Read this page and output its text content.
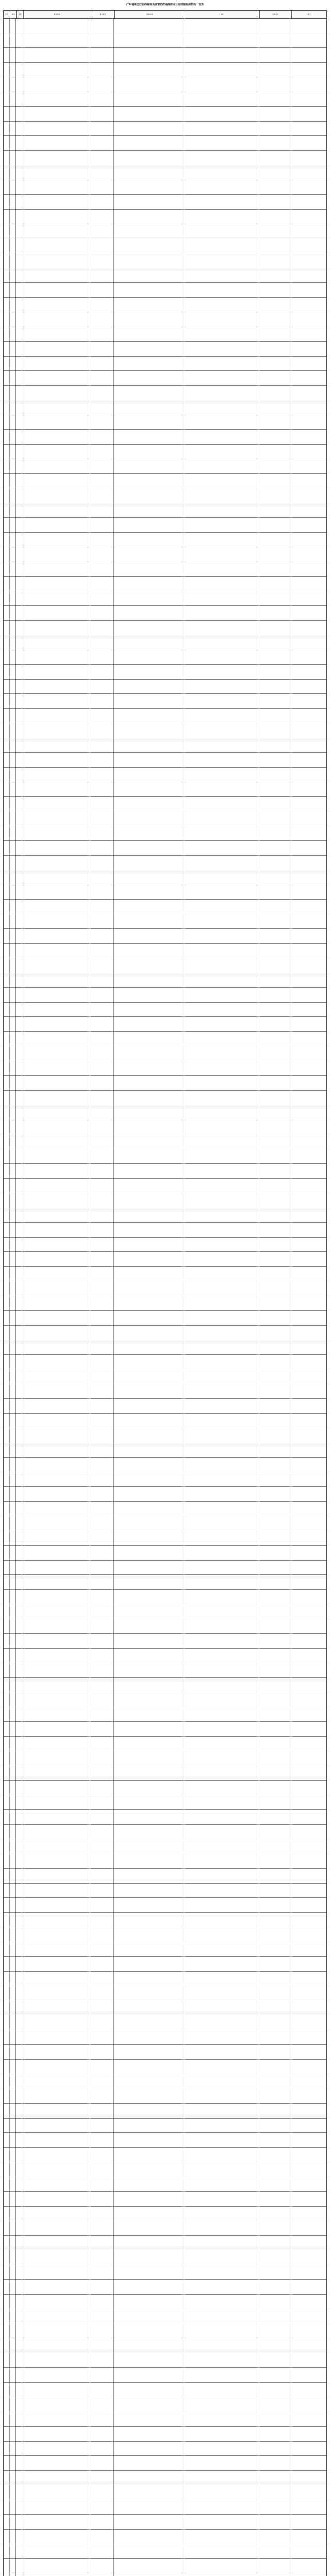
广东省新型冠状病毒肺炎疫情防控指挥部办公室核酸检测机构一览表
序号	地市	区县	机构名称	机构类型	服务时间	地址	咨询电话	备注
